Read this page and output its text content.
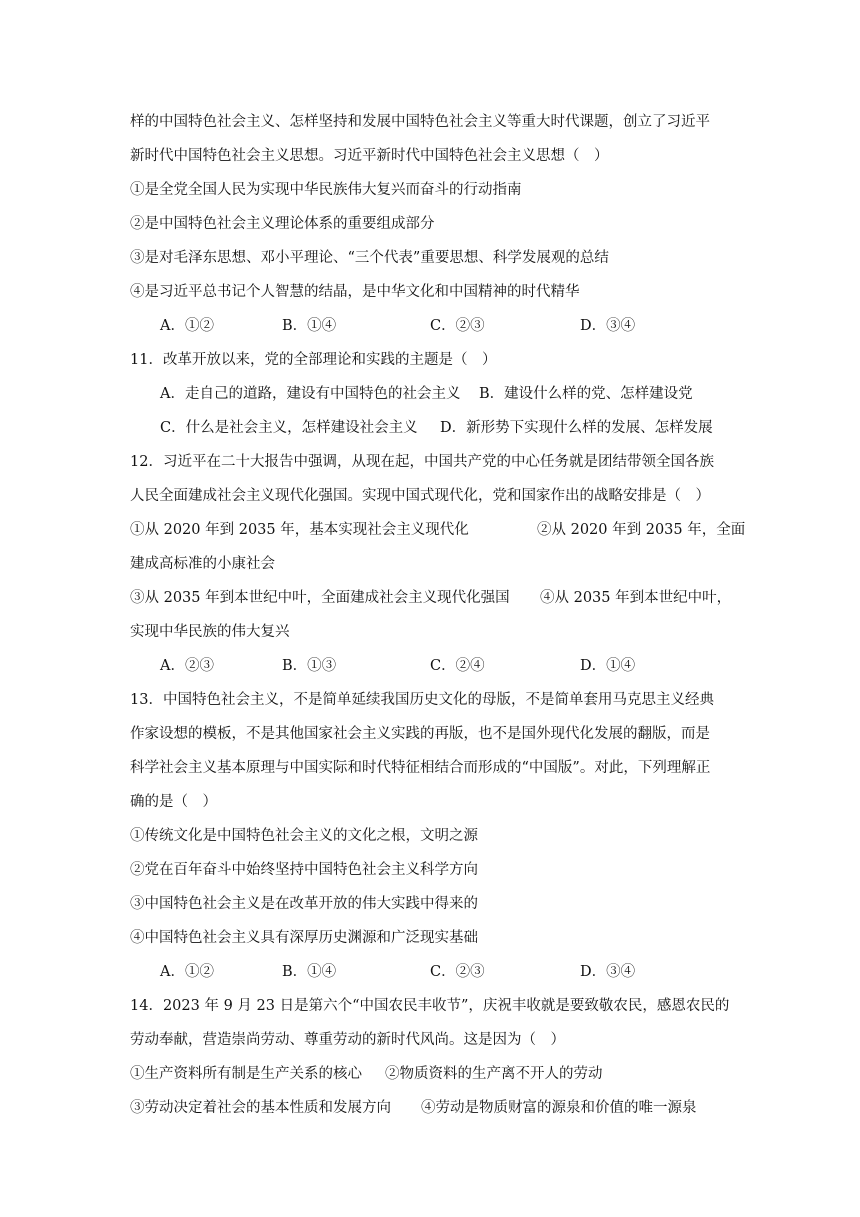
样的中国特色社会主义、怎样坚持和发展中国特色社会主义等重大时代课题，创立了习近平
新时代中国特色社会主义思想。习近平新时代中国特色社会主义思想（　）
①是全党全国人民为实现中华民族伟大复兴而奋斗的行动指南
②是中国特色社会主义理论体系的重要组成部分
③是对毛泽东思想、邓小平理论、“三个代表”重要思想、科学发展观的总结
④是习近平总书记个人智慧的结晶，是中华文化和中国精神的时代精华
A．①②	B．①④	C．②③	D．③④
11．改革开放以来，党的全部理论和实践的主题是（　）
A．走自己的道路，建设有中国特色的社会主义 B．建设什么样的党、怎样建设党
C．什么是社会主义，怎样建设社会主义 D．新形势下实现什么样的发展、怎样发展
12．习近平在二十大报告中强调，从现在起，中国共产党的中心任务就是团结带领全国各族
人民全面建成社会主义现代化强国。实现中国式现代化，党和国家作出的战略安排是（　）
①从 2020 年到 2035 年，基本实现社会主义现代化	②从 2020 年到 2035 年，全面
建成高标准的小康社会
③从 2035 年到本世纪中叶，全面建成社会主义现代化强国 ④从 2035 年到本世纪中叶，
实现中华民族的伟大复兴
A．②③	B．①③	C．②④	D．①④
13．中国特色社会主义，不是简单延续我国历史文化的母版，不是简单套用马克思主义经典
作家设想的模板，不是其他国家社会主义实践的再版，也不是国外现代化发展的翻版，而是
科学社会主义基本原理与中国实际和时代特征相结合而形成的“中国版”。对此，下列理解正
确的是（　）
①传统文化是中国特色社会主义的文化之根，文明之源
②党在百年奋斗中始终坚持中国特色社会主义科学方向
③中国特色社会主义是在改革开放的伟大实践中得来的
④中国特色社会主义具有深厚历史渊源和广泛现实基础
A．①②	B．①④	C．②③	D．③④
14．2023 年 9 月 23 日是第六个“中国农民丰收节”，庆祝丰收就是要致敬农民，感恩农民的
劳动奉献，营造崇尚劳动、尊重劳动的新时代风尚。这是因为（　）
①生产资料所有制是生产关系的核心 ②物质资料的生产离不开人的劳动
③劳动决定着社会的基本性质和发展方向 ④劳动是物质财富的源泉和价值的唯一源泉
